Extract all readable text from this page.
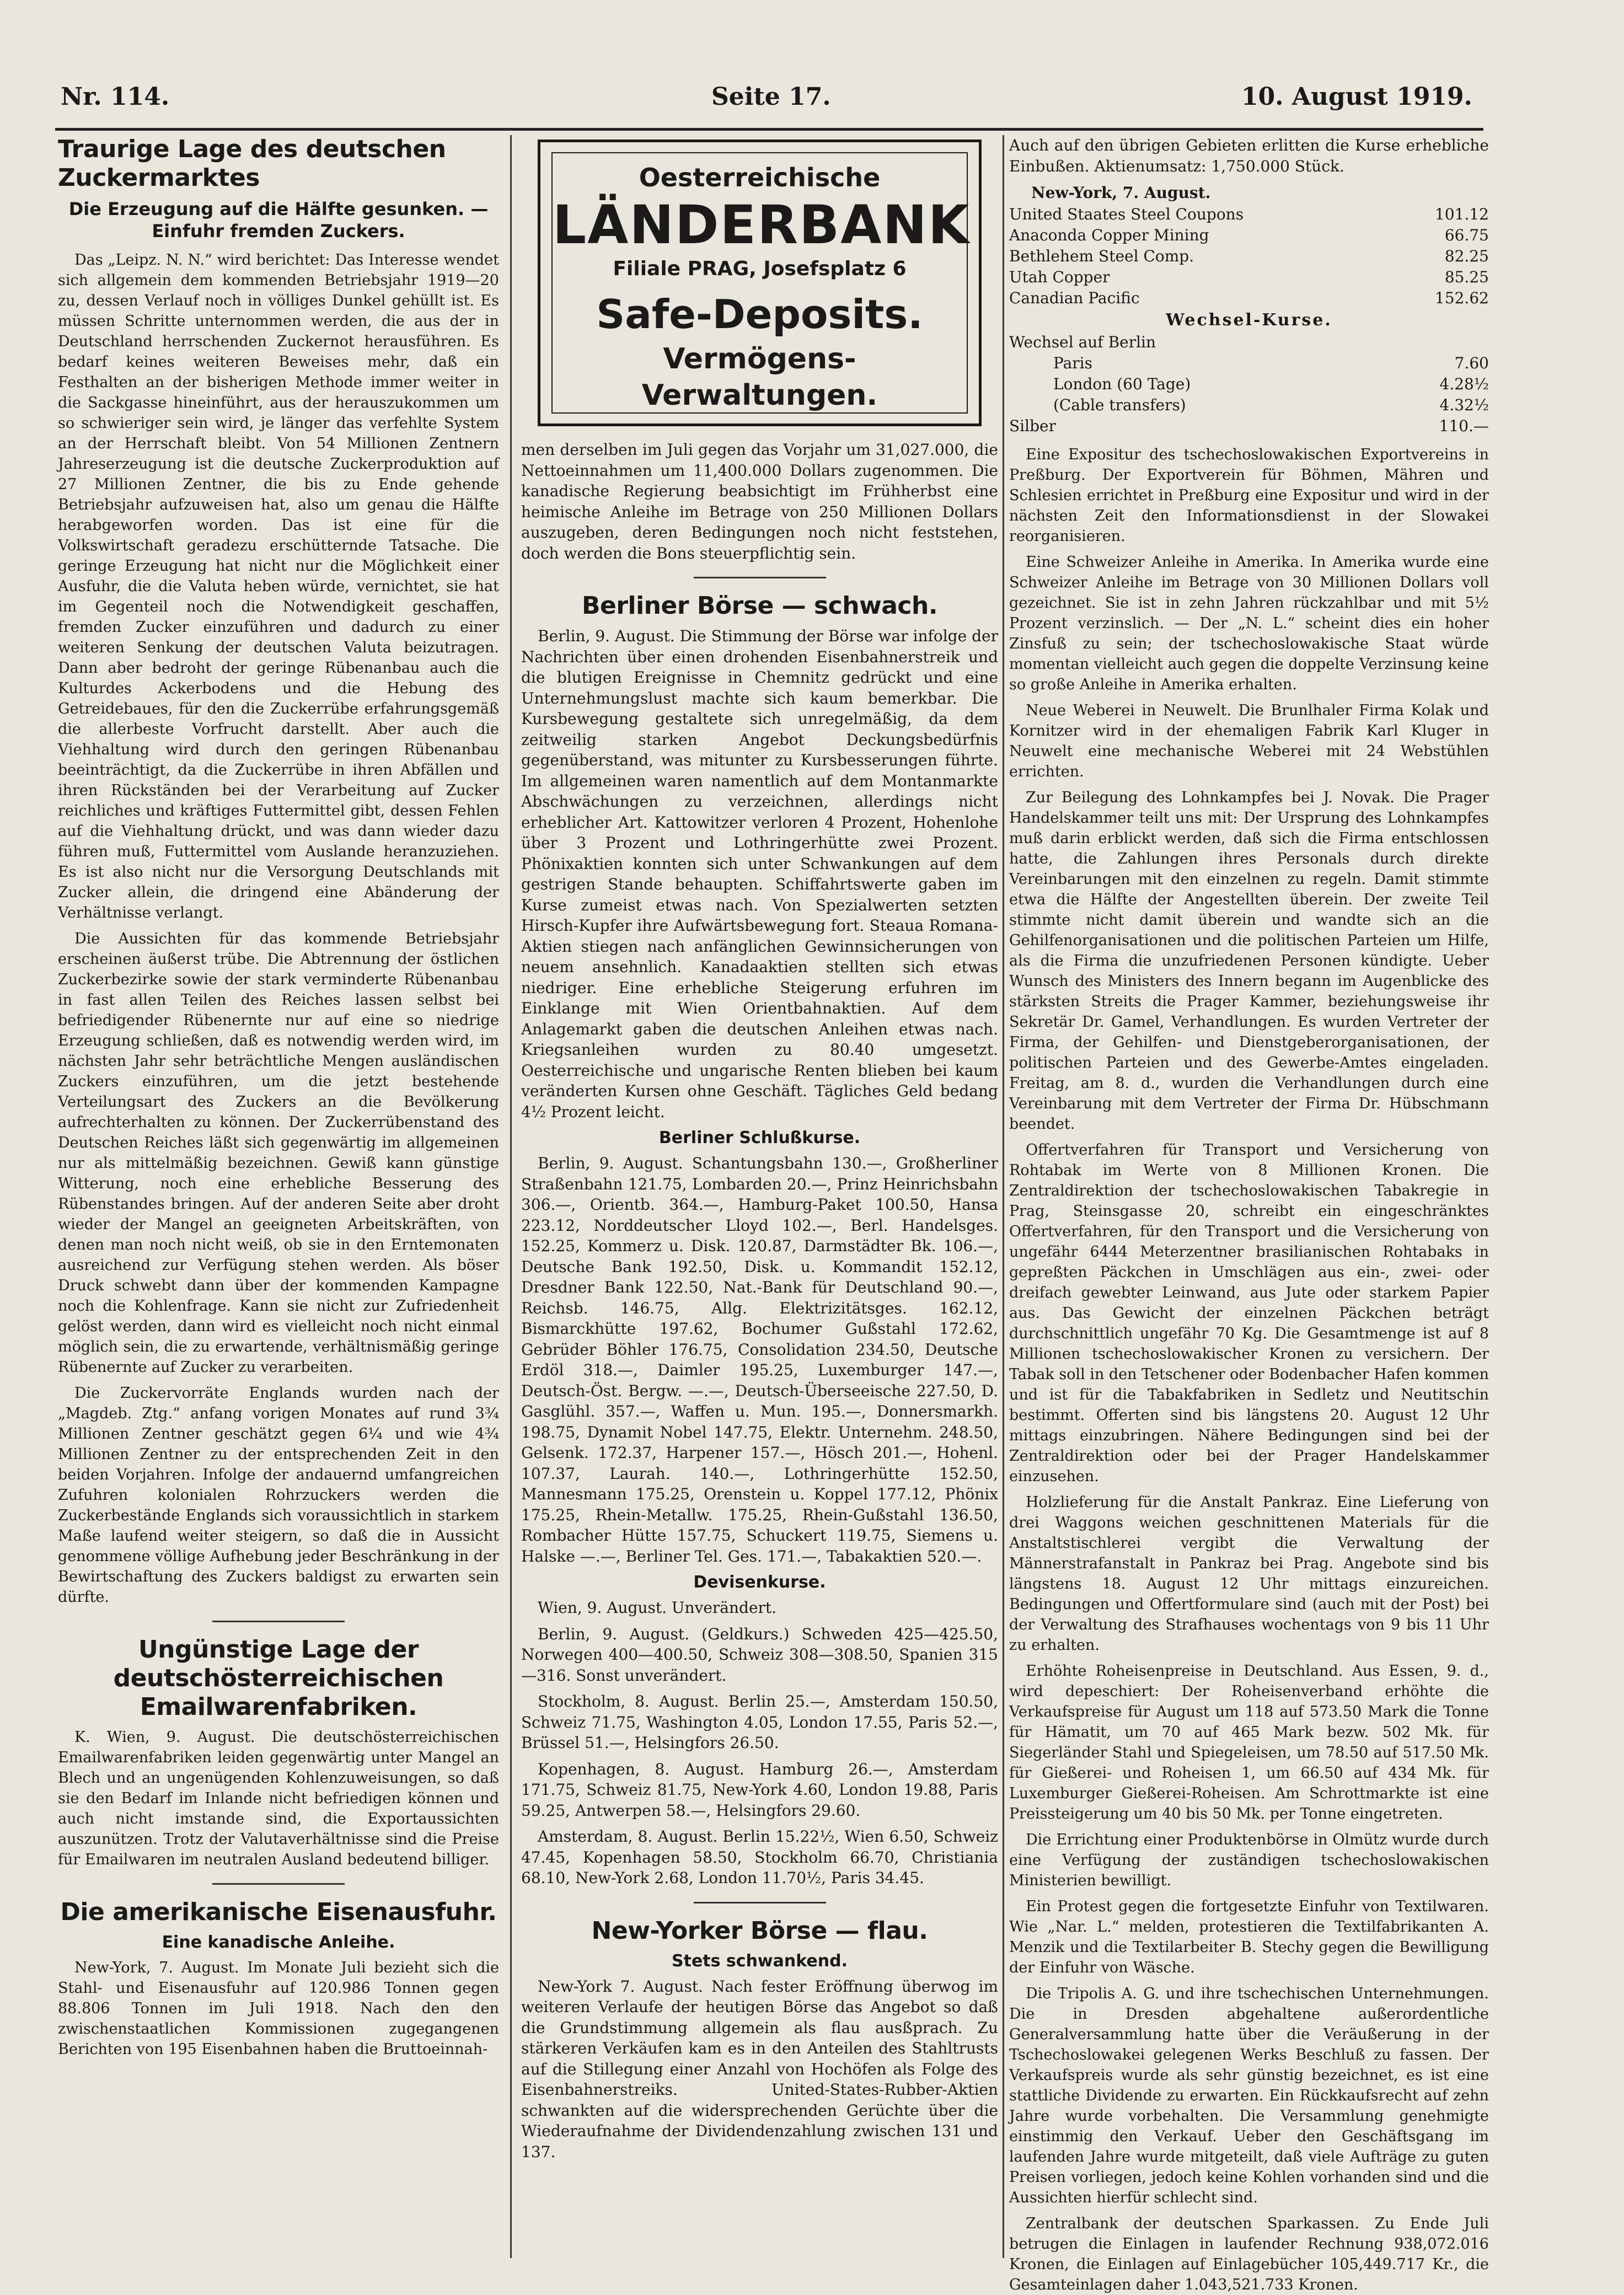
Nr. 114.	Seite 17.	10. August 1919.
Traurige Lage des deutschen Zuckermarktes
Die Erzeugung auf die Hälfte gesunken. — Einfuhr fremden Zuckers.

Das „Leipz. N. N.“ wird berichtet: Das Interesse wendet sich allgemein dem kommenden Betriebsjahr 1919—20 zu, dessen Verlauf noch in völliges Dunkel gehüllt ist. Es müssen Schritte unternommen werden, die aus der in Deutschland herrschenden Zuckernot herausführen. Es bedarf keines weiteren Beweises mehr, daß ein Festhalten an der bisherigen Methode immer weiter in die Sackgasse hineinführt, aus der herauszukommen um so schwieriger sein wird, je länger das verfehlte System an der Herrschaft bleibt. Von 54 Millionen Zentnern Jahreserzeugung ist die deutsche Zuckerproduktion auf 27 Millionen Zentner, die bis zu Ende gehende Betriebsjahr aufzuweisen hat, also um genau die Hälfte herabgeworfen worden. Das ist eine für die Volkswirtschaft geradezu erschütternde Tatsache. Die geringe Erzeugung hat nicht nur die Möglichkeit einer Ausfuhr, die die Valuta heben würde, vernichtet, sie hat im Gegenteil noch die Notwendigkeit geschaffen, fremden Zucker einzuführen und dadurch zu einer weiteren Senkung der deutschen Valuta beizutragen. Dann aber bedroht der geringe Rübenanbau auch die Kulturdes Ackerbodens und die Hebung des Getreidebaues, für den die Zuckerrübe erfahrungsgemäß die allerbeste Vorfrucht darstellt. Aber auch die Viehhaltung wird durch den geringen Rübenanbau beeinträchtigt, da die Zuckerrübe in ihren Abfällen und ihren Rückständen bei der Verarbeitung auf Zucker reichliches und kräftiges Futtermittel gibt, dessen Fehlen auf die Viehhaltung drückt, und was dann wieder dazu führen muß, Futtermittel vom Auslande heranzuziehen. Es ist also nicht nur die Versorgung Deutschlands mit Zucker allein, die dringend eine Abänderung der Verhältnisse verlangt.

Die Aussichten für das kommende Betriebsjahr erscheinen äußerst trübe. Die Abtrennung der östlichen Zuckerbezirke sowie der stark verminderte Rübenanbau in fast allen Teilen des Reiches lassen selbst bei befriedigender Rübenernte nur auf eine so niedrige Erzeugung schließen, daß es notwendig werden wird, im nächsten Jahr sehr beträchtliche Mengen ausländischen Zuckers einzuführen, um die jetzt bestehende Verteilungsart des Zuckers an die Bevölkerung aufrechterhalten zu können. Der Zuckerrübenstand des Deutschen Reiches läßt sich gegenwärtig im allgemeinen nur als mittelmäßig bezeichnen. Gewiß kann günstige Witterung, noch eine erhebliche Besserung des Rübenstandes bringen. Auf der anderen Seite aber droht wieder der Mangel an geeigneten Arbeitskräften, von denen man noch nicht weiß, ob sie in den Erntemonaten ausreichend zur Verfügung stehen werden. Als böser Druck schwebt dann über der kommenden Kampagne noch die Kohlenfrage. Kann sie nicht zur Zufriedenheit gelöst werden, dann wird es vielleicht noch nicht einmal möglich sein, die zu erwartende, verhältnismäßig geringe Rübenernte auf Zucker zu verarbeiten.

Die Zuckervorräte Englands wurden nach der „Magdeb. Ztg.“ anfang vorigen Monates auf rund 3¾ Millionen Zentner geschätzt gegen 6¼ und wie 4¾ Millionen Zentner zu der entsprechenden Zeit in den beiden Vorjahren. Infolge der andauernd umfangreichen Zufuhren kolonialen Rohrzuckers werden die Zuckerbestände Englands sich voraussichtlich in starkem Maße laufend weiter steigern, so daß die in Aussicht genommene völlige Aufhebung jeder Beschränkung in der Bewirtschaftung des Zuckers baldigst zu erwarten sein dürfte.

Ungünstige Lage der deutschösterreichischen Emailwarenfabriken.

K. Wien, 9. August. Die deutschösterreichischen Emailwarenfabriken leiden gegenwärtig unter Mangel an Blech und an ungenügenden Kohlenzuweisungen, so daß sie den Bedarf im Inlande nicht befriedigen können und auch nicht imstande sind, die Exportaussichten auszunützen. Trotz der Valutaverhältnisse sind die Preise für Emailwaren im neutralen Ausland bedeutend billiger.

Die amerikanische Eisenausfuhr.
Eine kanadische Anleihe.

New-York, 7. August. Im Monate Juli bezieht sich die Stahl- und Eisenausfuhr auf 120.986 Tonnen gegen 88.806 Tonnen im Juli 1918. Nach den den zwischenstaatlichen Kommissionen zugegangenen Berichten von 195 Eisenbahnen haben die Bruttoeinnah-

Oesterreichische
LÄNDERBANK
Filiale PRAG, Josefsplatz 6
Safe-Deposits.
Vermögens-Verwaltungen.

men derselben im Juli gegen das Vorjahr um 31,027.000, die Nettoeinnahmen um 11,400.000 Dollars zugenommen. Die kanadische Regierung beabsichtigt im Frühherbst eine heimische Anleihe im Betrage von 250 Millionen Dollars auszugeben, deren Bedingungen noch nicht feststehen, doch werden die Bons steuerpflichtig sein.

Berliner Börse — schwach.

Berlin, 9. August. Die Stimmung der Börse war infolge der Nachrichten über einen drohenden Eisenbahnerstreik und die blutigen Ereignisse in Chemnitz gedrückt und eine Unternehmungslust machte sich kaum bemerkbar. Die Kursbewegung gestaltete sich unregelmäßig, da dem zeitweilig starken Angebot Deckungsbedürfnis gegenüberstand, was mitunter zu Kursbesserungen führte. Im allgemeinen waren namentlich auf dem Montanmarkte Abschwächungen zu verzeichnen, allerdings nicht erheblicher Art. Kattowitzer verloren 4 Prozent, Hohenlohe über 3 Prozent und Lothringerhütte zwei Prozent. Phönixaktien konnten sich unter Schwankungen auf dem gestrigen Stande behaupten. Schiffahrtswerte gaben im Kurse zumeist etwas nach. Von Spezialwerten setzten Hirsch-Kupfer ihre Aufwärtsbewegung fort. Steaua Romana-Aktien stiegen nach anfänglichen Gewinnsicherungen von neuem ansehnlich. Kanadaaktien stellten sich etwas niedriger. Eine erhebliche Steigerung erfuhren im Einklange mit Wien Orientbahnaktien. Auf dem Anlagemarkt gaben die deutschen Anleihen etwas nach. Kriegsanleihen wurden zu 80.40 umgesetzt. Oesterreichische und ungarische Renten blieben bei kaum veränderten Kursen ohne Geschäft. Tägliches Geld bedang 4½ Prozent leicht.

Berliner Schlußkurse.

Berlin, 9. August. Schantungsbahn 130.—, Großherliner Straßenbahn 121.75, Lombarden 20.—, Prinz Heinrichsbahn 306.—, Orientb. 364.—, Hamburg-Paket 100.50, Hansa 223.12, Norddeutscher Lloyd 102.—, Berl. Handelsges. 152.25, Kommerz u. Disk. 120.87, Darmstädter Bk. 106.—, Deutsche Bank 192.50, Disk. u. Kommandit 152.12, Dresdner Bank 122.50, Nat.-Bank für Deutschland 90.—, Reichsb. 146.75, Allg. Elektrizitätsges. 162.12, Bismarckhütte 197.62, Bochumer Gußstahl 172.62, Gebrüder Böhler 176.75, Consolidation 234.50, Deutsche Erdöl 318.—, Daimler 195.25, Luxemburger 147.—, Deutsch-Öst. Bergw. —.—, Deutsch-Überseeische 227.50, D. Gasglühl. 357.—, Waffen u. Mun. 195.—, Donnersmarkh. 198.75, Dynamit Nobel 147.75, Elektr. Unternehm. 248.50, Gelsenk. 172.37, Harpener 157.—, Hösch 201.—, Hohenl. 107.37, Laurah. 140.—, Lothringerhütte 152.50, Mannesmann 175.25, Orenstein u. Koppel 177.12, Phönix 175.25, Rhein-Metallw. 175.25, Rhein-Gußstahl 136.50, Rombacher Hütte 157.75, Schuckert 119.75, Siemens u. Halske —.—, Berliner Tel. Ges. 171.—, Tabakaktien 520.—.

Devisenkurse.

Wien, 9. August. Unverändert.

Berlin, 9. August. (Geldkurs.) Schweden 425—425.50, Norwegen 400—400.50, Schweiz 308—308.50, Spanien 315—316. Sonst unverändert.

Stockholm, 8. August. Berlin 25.—, Amsterdam 150.50, Schweiz 71.75, Washington 4.05, London 17.55, Paris 52.—, Brüssel 51.—, Helsingfors 26.50.

Kopenhagen, 8. August. Hamburg 26.—, Amsterdam 171.75, Schweiz 81.75, New-York 4.60, London 19.88, Paris 59.25, Antwerpen 58.—, Helsingfors 29.60.

Amsterdam, 8. August. Berlin 15.22½, Wien 6.50, Schweiz 47.45, Kopenhagen 58.50, Stockholm 66.70, Christiania 68.10, New-York 2.68, London 11.70½, Paris 34.45.

New-Yorker Börse — flau.
Stets schwankend.

New-York 7. August. Nach fester Eröffnung überwog im weiteren Verlaufe der heutigen Börse das Angebot so daß die Grundstimmung allgemein als flau ausßprach. Zu stärkeren Verkäufen kam es in den Anteilen des Stahltrusts auf die Stillegung einer Anzahl von Hochöfen als Folge des Eisenbahnerstreiks. United-States-Rubber-Aktien schwankten auf die widersprechenden Gerüchte über die Wiederaufnahme der Dividendenzahlung zwischen 131 und 137.

Auch auf den übrigen Gebieten erlitten die Kurse erhebliche Einbußen. Aktienumsatz: 1,750.000 Stück.

New-York, 7. August.
United Staates Steel Coupons	101.12
Anaconda Copper Mining	66.75
Bethlehem Steel Comp.	82.25
Utah Copper	85.25
Canadian Pacific	152.62
Wechsel-Kurse.
Wechsel auf Berlin
Paris	7.60
London (60 Tage)	4.28½
(Cable transfers)	4.32½
Silber	110.—

Eine Expositur des tschechoslowakischen Exportvereins in Preßburg. Der Exportverein für Böhmen, Mähren und Schlesien errichtet in Preßburg eine Expositur und wird in der nächsten Zeit den Informationsdienst in der Slowakei reorganisieren.

Eine Schweizer Anleihe in Amerika. In Amerika wurde eine Schweizer Anleihe im Betrage von 30 Millionen Dollars voll gezeichnet. Sie ist in zehn Jahren rückzahlbar und mit 5½ Prozent verzinslich. — Der „N. L.“ scheint dies ein hoher Zinsfuß zu sein; der tschechoslowakische Staat würde momentan vielleicht auch gegen die doppelte Verzinsung keine so große Anleihe in Amerika erhalten.

Neue Weberei in Neuwelt. Die Brunlhaler Firma Kolak und Kornitzer wird in der ehemaligen Fabrik Karl Kluger in Neuwelt eine mechanische Weberei mit 24 Webstühlen errichten.

Zur Beilegung des Lohnkampfes bei J. Novak. Die Prager Handelskammer teilt uns mit: Der Ursprung des Lohnkampfes muß darin erblickt werden, daß sich die Firma entschlossen hatte, die Zahlungen ihres Personals durch direkte Vereinbarungen mit den einzelnen zu regeln. Damit stimmte etwa die Hälfte der Angestellten überein. Der zweite Teil stimmte nicht damit überein und wandte sich an die Gehilfenorganisationen und die politischen Parteien um Hilfe, als die Firma die unzufriedenen Personen kündigte. Ueber Wunsch des Ministers des Innern begann im Augenblicke des stärksten Streits die Prager Kammer, beziehungsweise ihr Sekretär Dr. Gamel, Verhandlungen. Es wurden Vertreter der Firma, der Gehilfen- und Dienstgeberorganisationen, der politischen Parteien und des Gewerbe-Amtes eingeladen. Freitag, am 8. d., wurden die Verhandlungen durch eine Vereinbarung mit dem Vertreter der Firma Dr. Hübschmann beendet.

Offertverfahren für Transport und Versicherung von Rohtabak im Werte von 8 Millionen Kronen. Die Zentraldirektion der tschechoslowakischen Tabakregie in Prag, Steinsgasse 20, schreibt ein eingeschränktes Offertverfahren, für den Transport und die Versicherung von ungefähr 6444 Meterzentner brasilianischen Rohtabaks in gepreßten Päckchen in Umschlägen aus ein-, zwei- oder dreifach gewebter Leinwand, aus Jute oder starkem Papier aus. Das Gewicht der einzelnen Päckchen beträgt durchschnittlich ungefähr 70 Kg. Die Gesamtmenge ist auf 8 Millionen tschechoslowakischer Kronen zu versichern. Der Tabak soll in den Tetschener oder Bodenbacher Hafen kommen und ist für die Tabakfabriken in Sedletz und Neutitschin bestimmt. Offerten sind bis längstens 20. August 12 Uhr mittags einzubringen. Nähere Bedingungen sind bei der Zentraldirektion oder bei der Prager Handelskammer einzusehen.

Holzlieferung für die Anstalt Pankraz. Eine Lieferung von drei Waggons weichen geschnittenen Materials für die Anstaltstischlerei vergibt die Verwaltung der Männerstrafanstalt in Pankraz bei Prag. Angebote sind bis längstens 18. August 12 Uhr mittags einzureichen. Bedingungen und Offertformulare sind (auch mit der Post) bei der Verwaltung des Strafhauses wochentags von 9 bis 11 Uhr zu erhalten.

Erhöhte Roheisenpreise in Deutschland. Aus Essen, 9. d., wird depeschiert: Der Roheisenverband erhöhte die Verkaufspreise für August um 118 auf 573.50 Mark die Tonne für Hämatit, um 70 auf 465 Mark bezw. 502 Mk. für Siegerländer Stahl und Spiegeleisen, um 78.50 auf 517.50 Mk. für Gießerei- und Roheisen 1, um 66.50 auf 434 Mk. für Luxemburger Gießerei-Roheisen. Am Schrottmarkte ist eine Preissteigerung um 40 bis 50 Mk. per Tonne eingetreten.

Die Errichtung einer Produktenbörse in Olmütz wurde durch eine Verfügung der zuständigen tschechoslowakischen Ministerien bewilligt.

Ein Protest gegen die fortgesetzte Einfuhr von Textilwaren. Wie „Nar. L.“ melden, protestieren die Textilfabrikanten A. Menzik und die Textilarbeiter B. Stechy gegen die Bewilligung der Einfuhr von Wäsche.

Die Tripolis A. G. und ihre tschechischen Unternehmungen. Die in Dresden abgehaltene außerordentliche Generalversammlung hatte über die Veräußerung in der Tschechoslowakei gelegenen Werks Beschluß zu fassen. Der Verkaufspreis wurde als sehr günstig bezeichnet, es ist eine stattliche Dividende zu erwarten. Ein Rückkaufsrecht auf zehn Jahre wurde vorbehalten. Die Versammlung genehmigte einstimmig den Verkauf. Ueber den Geschäftsgang im laufenden Jahre wurde mitgeteilt, daß viele Aufträge zu guten Preisen vorliegen, jedoch keine Kohlen vorhanden sind und die Aussichten hierfür schlecht sind.

Zentralbank der deutschen Sparkassen. Zu Ende Juli betrugen die Einlagen in laufender Rechnung 938,072.016 Kronen, die Einlagen auf Einlagebücher 105,449.717 Kr., die Gesamteinlagen daher 1.043,521.733 Kronen.
